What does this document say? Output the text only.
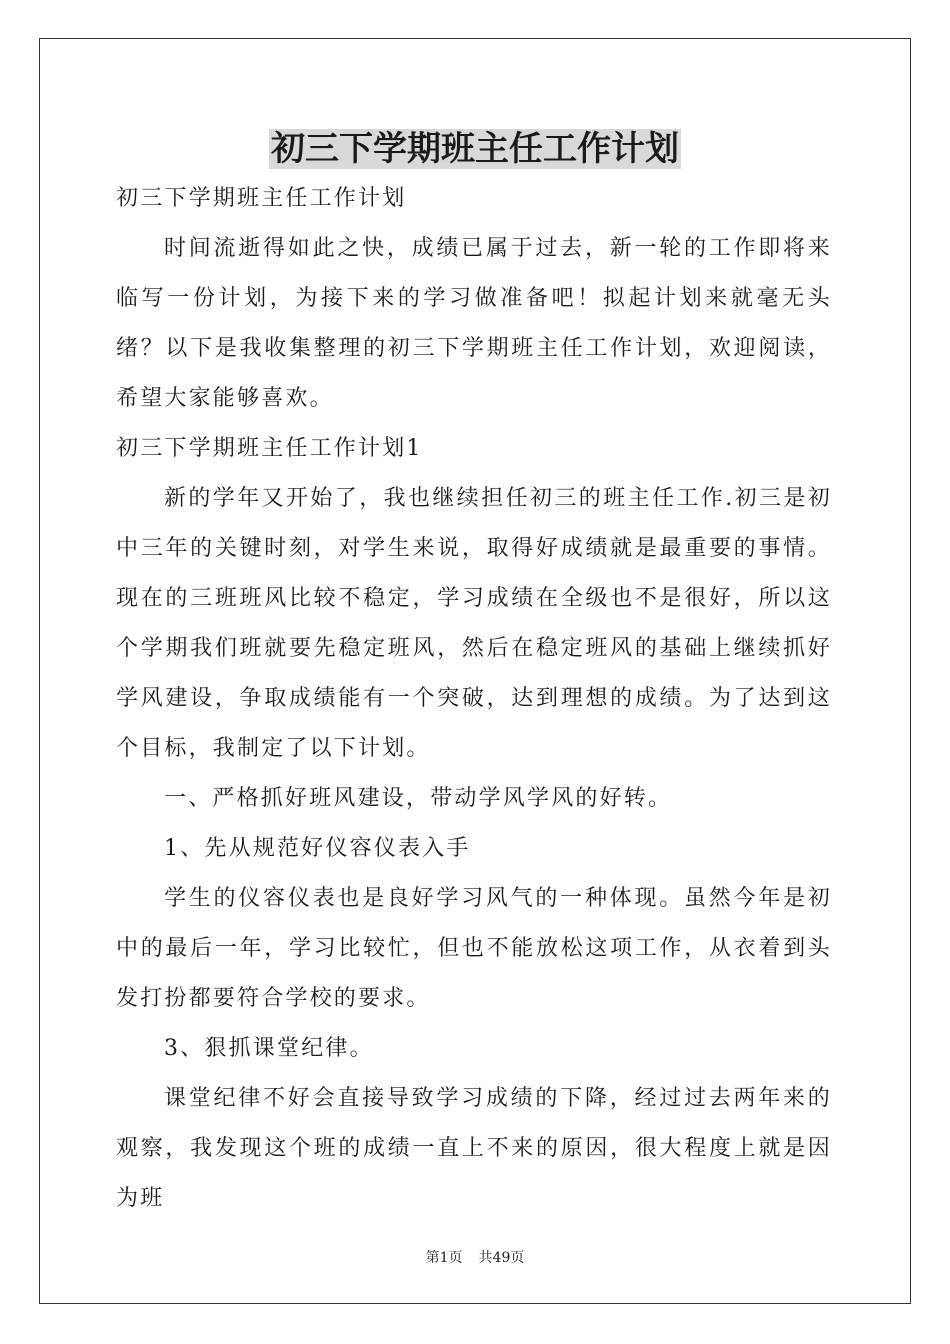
初三下学期班主任工作计划

初三下学期班主任工作计划

时间流逝得如此之快，成绩已属于过去，新一轮的工作即将来临写一份计划，为接下来的学习做准备吧！拟起计划来就毫无头绪？以下是我收集整理的初三下学期班主任工作计划，欢迎阅读，希望大家能够喜欢。

初三下学期班主任工作计划1

新的学年又开始了，我也继续担任初三的班主任工作.初三是初中三年的关键时刻，对学生来说，取得好成绩就是最重要的事情。现在的三班班风比较不稳定，学习成绩在全级也不是很好，所以这个学期我们班就要先稳定班风，然后在稳定班风的基础上继续抓好学风建设，争取成绩能有一个突破，达到理想的成绩。为了达到这个目标，我制定了以下计划。

一、严格抓好班风建设，带动学风学风的好转。

1、先从规范好仪容仪表入手

学生的仪容仪表也是良好学习风气的一种体现。虽然今年是初中的最后一年，学习比较忙，但也不能放松这项工作，从衣着到头发打扮都要符合学校的要求。

3、狠抓课堂纪律。

课堂纪律不好会直接导致学习成绩的下降，经过过去两年来的观察，我发现这个班的成绩一直上不来的原因，很大程度上就是因为班

第1页 共49页
